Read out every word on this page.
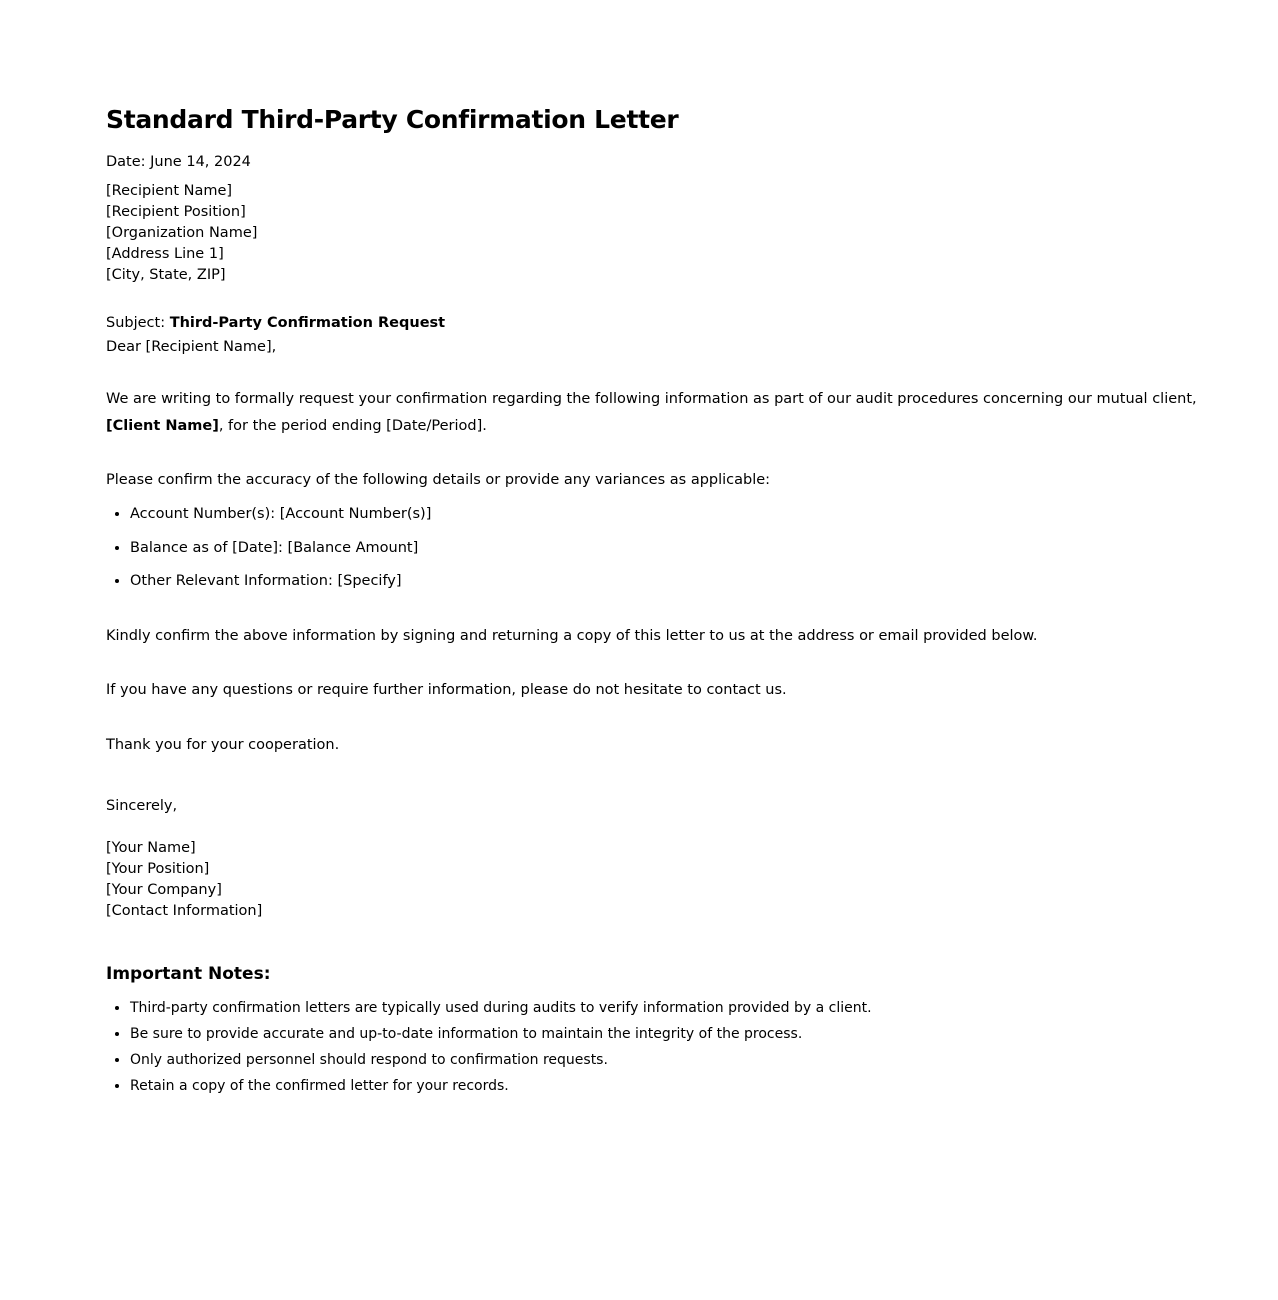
Standard Third-Party Confirmation Letter
Date: June 14, 2024
[Recipient Name]
[Recipient Position]
[Organization Name]
[Address Line 1]
[City, State, ZIP]
Subject: Third-Party Confirmation Request
Dear [Recipient Name],
We are writing to formally request your confirmation regarding the following information as part of our audit procedures concerning our mutual client, [Client Name], for the period ending [Date/Period].
Please confirm the accuracy of the following details or provide any variances as applicable:
• Account Number(s): [Account Number(s)]
• Balance as of [Date]: [Balance Amount]
• Other Relevant Information: [Specify]
Kindly confirm the above information by signing and returning a copy of this letter to us at the address or email provided below.
If you have any questions or require further information, please do not hesitate to contact us.
Thank you for your cooperation.
Sincerely,
[Your Name]
[Your Position]
[Your Company]
[Contact Information]
Important Notes:
• Third-party confirmation letters are typically used during audits to verify information provided by a client.
• Be sure to provide accurate and up-to-date information to maintain the integrity of the process.
• Only authorized personnel should respond to confirmation requests.
• Retain a copy of the confirmed letter for your records.
